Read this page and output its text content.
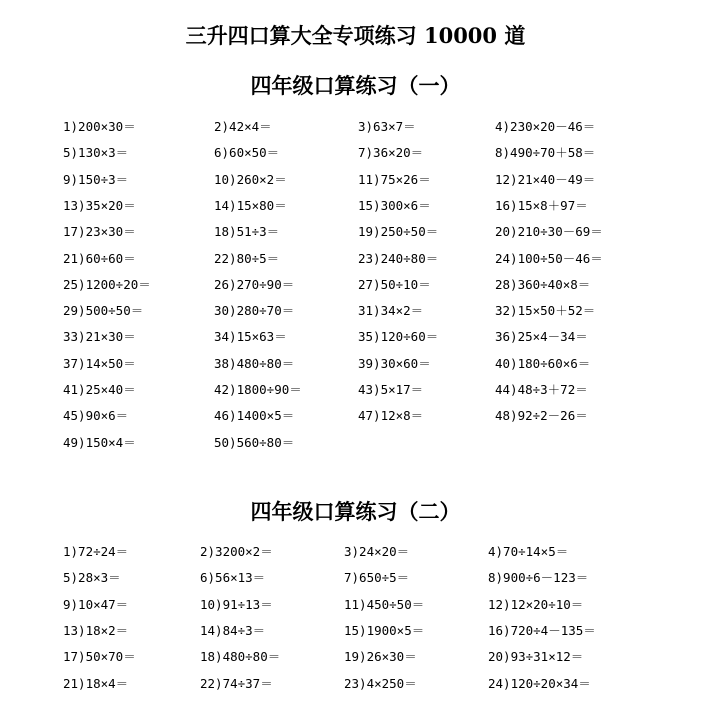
三升四口算大全专项练习 10000 道
四年级口算练习（一）
1)200×30＝	2)42×4＝	3)63×7＝	4)230×20－46＝
5)130×3＝	6)60×50＝	7)36×20＝	8)490÷70＋58＝
9)150÷3＝	10)260×2＝	11)75×26＝	12)21×40－49＝
13)35×20＝	14)15×80＝	15)300×6＝	16)15×8＋97＝
17)23×30＝	18)51÷3＝	19)250÷50＝	20)210÷30－69＝
21)60÷60＝	22)80÷5＝	23)240÷80＝	24)100÷50－46＝
25)1200÷20＝	26)270÷90＝	27)50÷10＝	28)360÷40×8＝
29)500÷50＝	30)280÷70＝	31)34×2＝	32)15×50＋52＝
33)21×30＝	34)15×63＝	35)120÷60＝	36)25×4－34＝
37)14×50＝	38)480÷80＝	39)30×60＝	40)180÷60×6＝
41)25×40＝	42)1800÷90＝	43)5×17＝	44)48÷3＋72＝
45)90×6＝	46)1400×5＝	47)12×8＝	48)92÷2－26＝
49)150×4＝	50)560÷80＝
四年级口算练习（二）
1)72÷24＝	2)3200×2＝	3)24×20＝	4)70÷14×5＝
5)28×3＝	6)56×13＝	7)650÷5＝	8)900÷6－123＝
9)10×47＝	10)91÷13＝	11)450÷50＝	12)12×20÷10＝
13)18×2＝	14)84÷3＝	15)1900×5＝	16)720÷4－135＝
17)50×70＝	18)480÷80＝	19)26×30＝	20)93÷31×12＝
21)18×4＝	22)74÷37＝	23)4×250＝	24)120÷20×34＝
